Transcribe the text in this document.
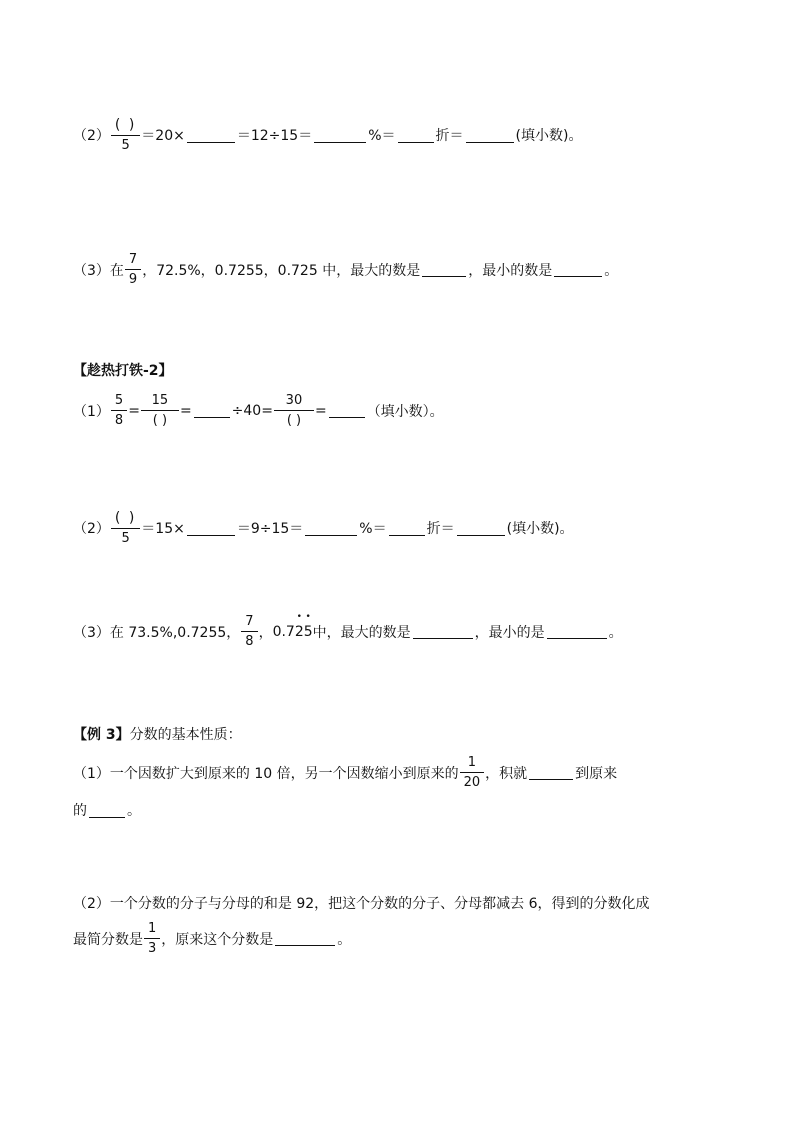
$(2) \frac{( )}{5} =20\times$	＝12÷15＝	%＝	折＝	(填小数)。
（3）在 $\frac{7}{9}$ ，72.5%，0.7255，0.725 中，最大的数是	，最小的数是	。
【趁热打铁-2】
$(1) \frac{5}{8} = \frac{15}{( )}$ =	$\div 40= \frac{30}{( )}$ =	（填小数）。
$(2) \frac{( )}{5} =15\times$	＝9÷15＝	%＝	折＝	(填小数)。
（3）在 73.5%,0.7255， $\frac{7}{8}$ ， 0.7• 2• 5 中，最大的数是	，最小的是	。
【例 3】 分数的基本性质：
（1）一个因数扩大到原来的 10 倍，另一个因数缩小到原来的 $\frac{1}{20}$ ，积就	到原来
的	。
（2）一个分数的分子与分母的和是 92，把这个分数的分子、分母都减去 6，得到的分数化成
最简分数是 $\frac{1}{3}$ ，原来这个分数是	。
